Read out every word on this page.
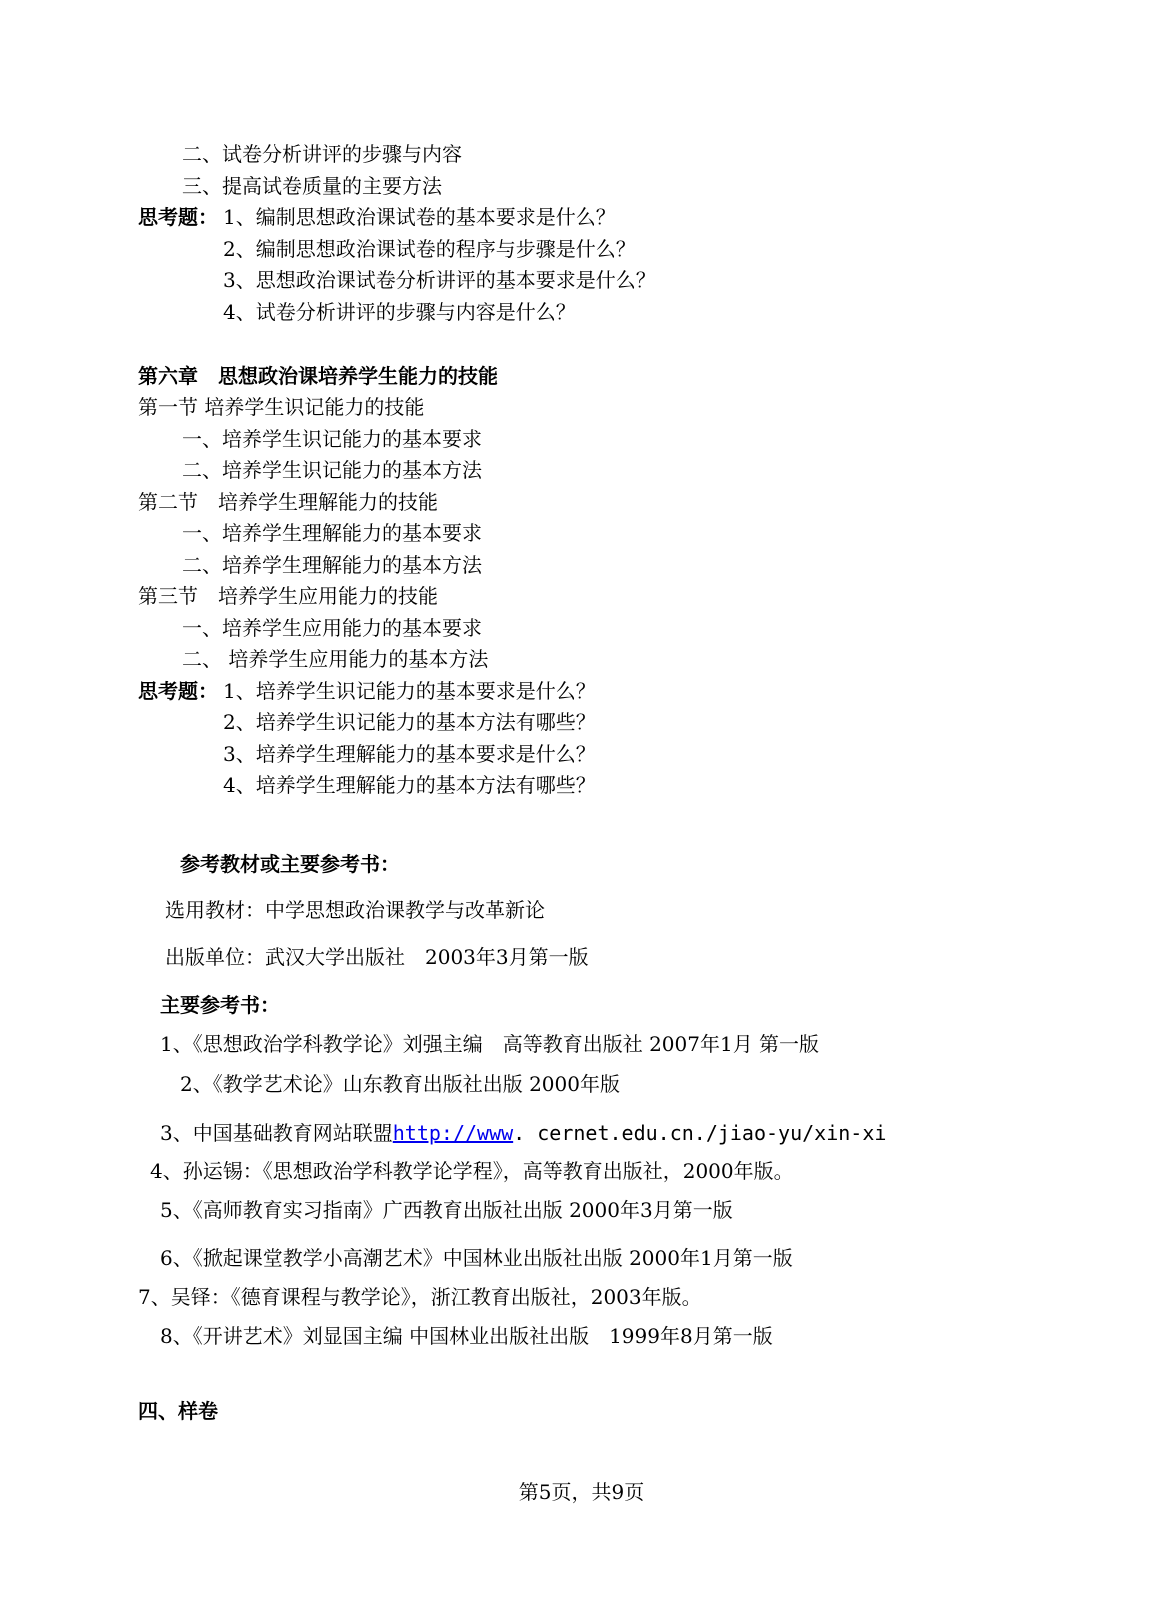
二、试卷分析讲评的步骤与内容
三、提高试卷质量的主要方法
思考题： 1、编制思想政治课试卷的基本要求是什么？
2、编制思想政治课试卷的程序与步骤是什么？
3、思想政治课试卷分析讲评的基本要求是什么？
4、试卷分析讲评的步骤与内容是什么？
第六章　思想政治课培养学生能力的技能
第一节 培养学生识记能力的技能
一、培养学生识记能力的基本要求
二、培养学生识记能力的基本方法
第二节　培养学生理解能力的技能
一、培养学生理解能力的基本要求
二、培养学生理解能力的基本方法
第三节　培养学生应用能力的技能
一、培养学生应用能力的基本要求
二、 培养学生应用能力的基本方法
思考题： 1、培养学生识记能力的基本要求是什么？
2、培养学生识记能力的基本方法有哪些？
3、培养学生理解能力的基本要求是什么？
4、培养学生理解能力的基本方法有哪些？
参考教材或主要参考书：
选用教材：中学思想政治课教学与改革新论
出版单位：武汉大学出版社　2003年3月第一版
主要参考书：
1、《思想政治学科教学论》刘强主编　高等教育出版社 2007年1月 第一版
2、《教学艺术论》山东教育出版社出版 2000年版
3、中国基础教育网站联盟http://www. cernet.edu.cn./jiao-yu/xin-xi
4、孙运锡：《思想政治学科教学论学程》，高等教育出版社，2000年版。
5、《高师教育实习指南》广西教育出版社出版 2000年3月第一版
6、《掀起课堂教学小高潮艺术》中国林业出版社出版 2000年1月第一版
7、吴铎：《德育课程与教学论》，浙江教育出版社，2003年版。
8、《开讲艺术》刘显国主编 中国林业出版社出版　1999年8月第一版
四、样卷
第5页，共9页
